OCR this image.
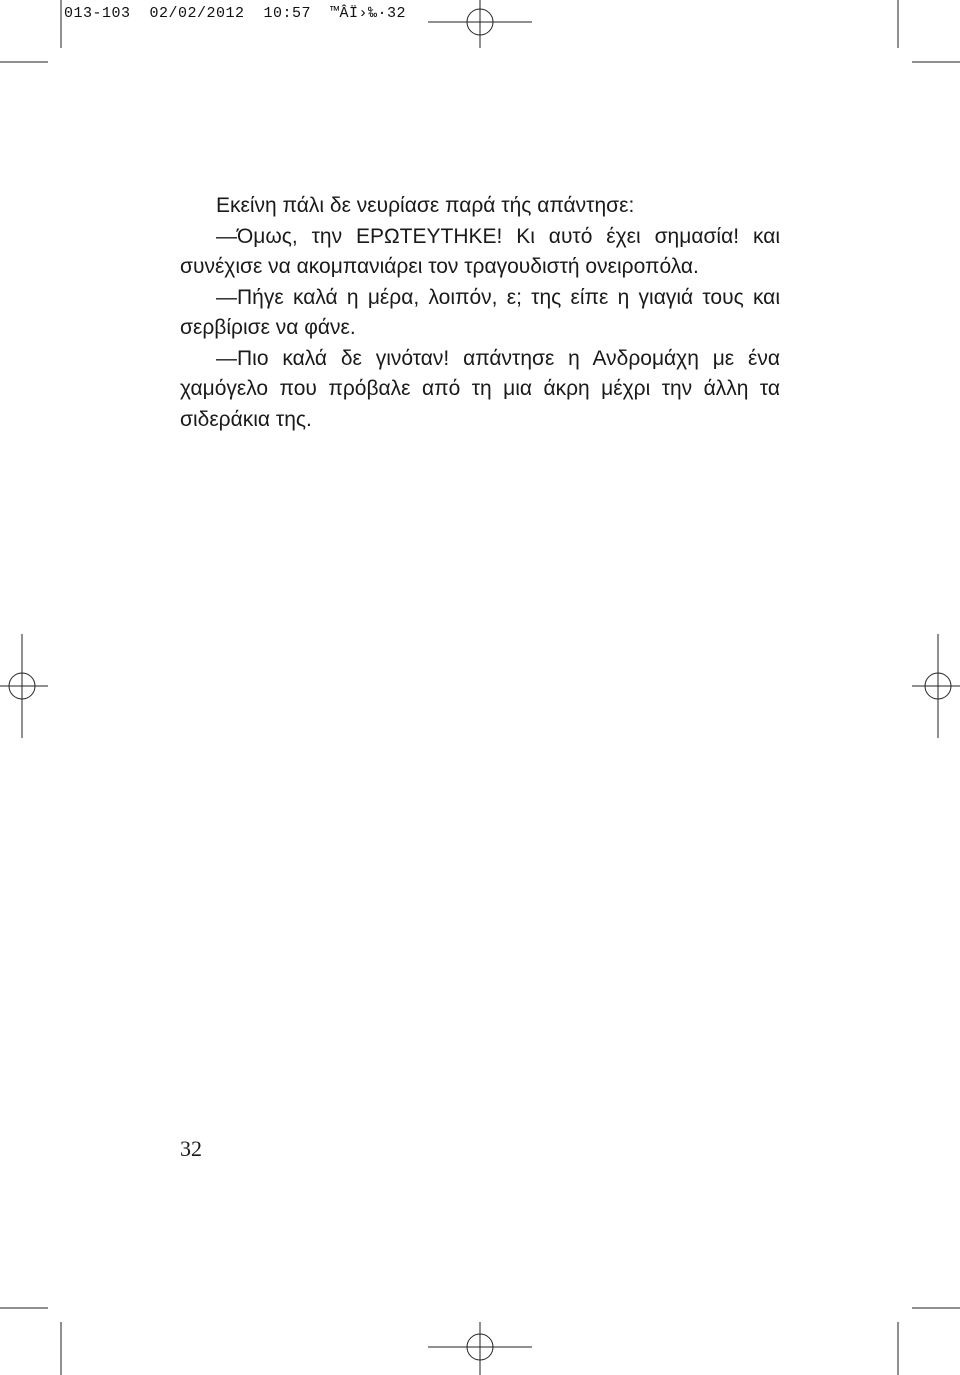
013-103  02/02/2012  10:57  ™ÂÏ›‰·32

Εκείνη πάλι δε νευρίασε παρά τής απάντησε:

—Όμως, την ΕΡΩΤΕΥΤΗΚΕ! Κι αυτό έχει σημασία! και συνέχισε να ακομπανιάρει τον τραγουδιστή ονειροπόλα.

—Πήγε καλά η μέρα, λοιπόν, ε; της είπε η γιαγιά τους και σερβίρισε να φάνε.

—Πιο καλά δε γινόταν! απάντησε η Ανδρομάχη με ένα χαμόγελο που πρόβαλε από τη μια άκρη μέχρι την άλλη τα σιδεράκια της.

32
